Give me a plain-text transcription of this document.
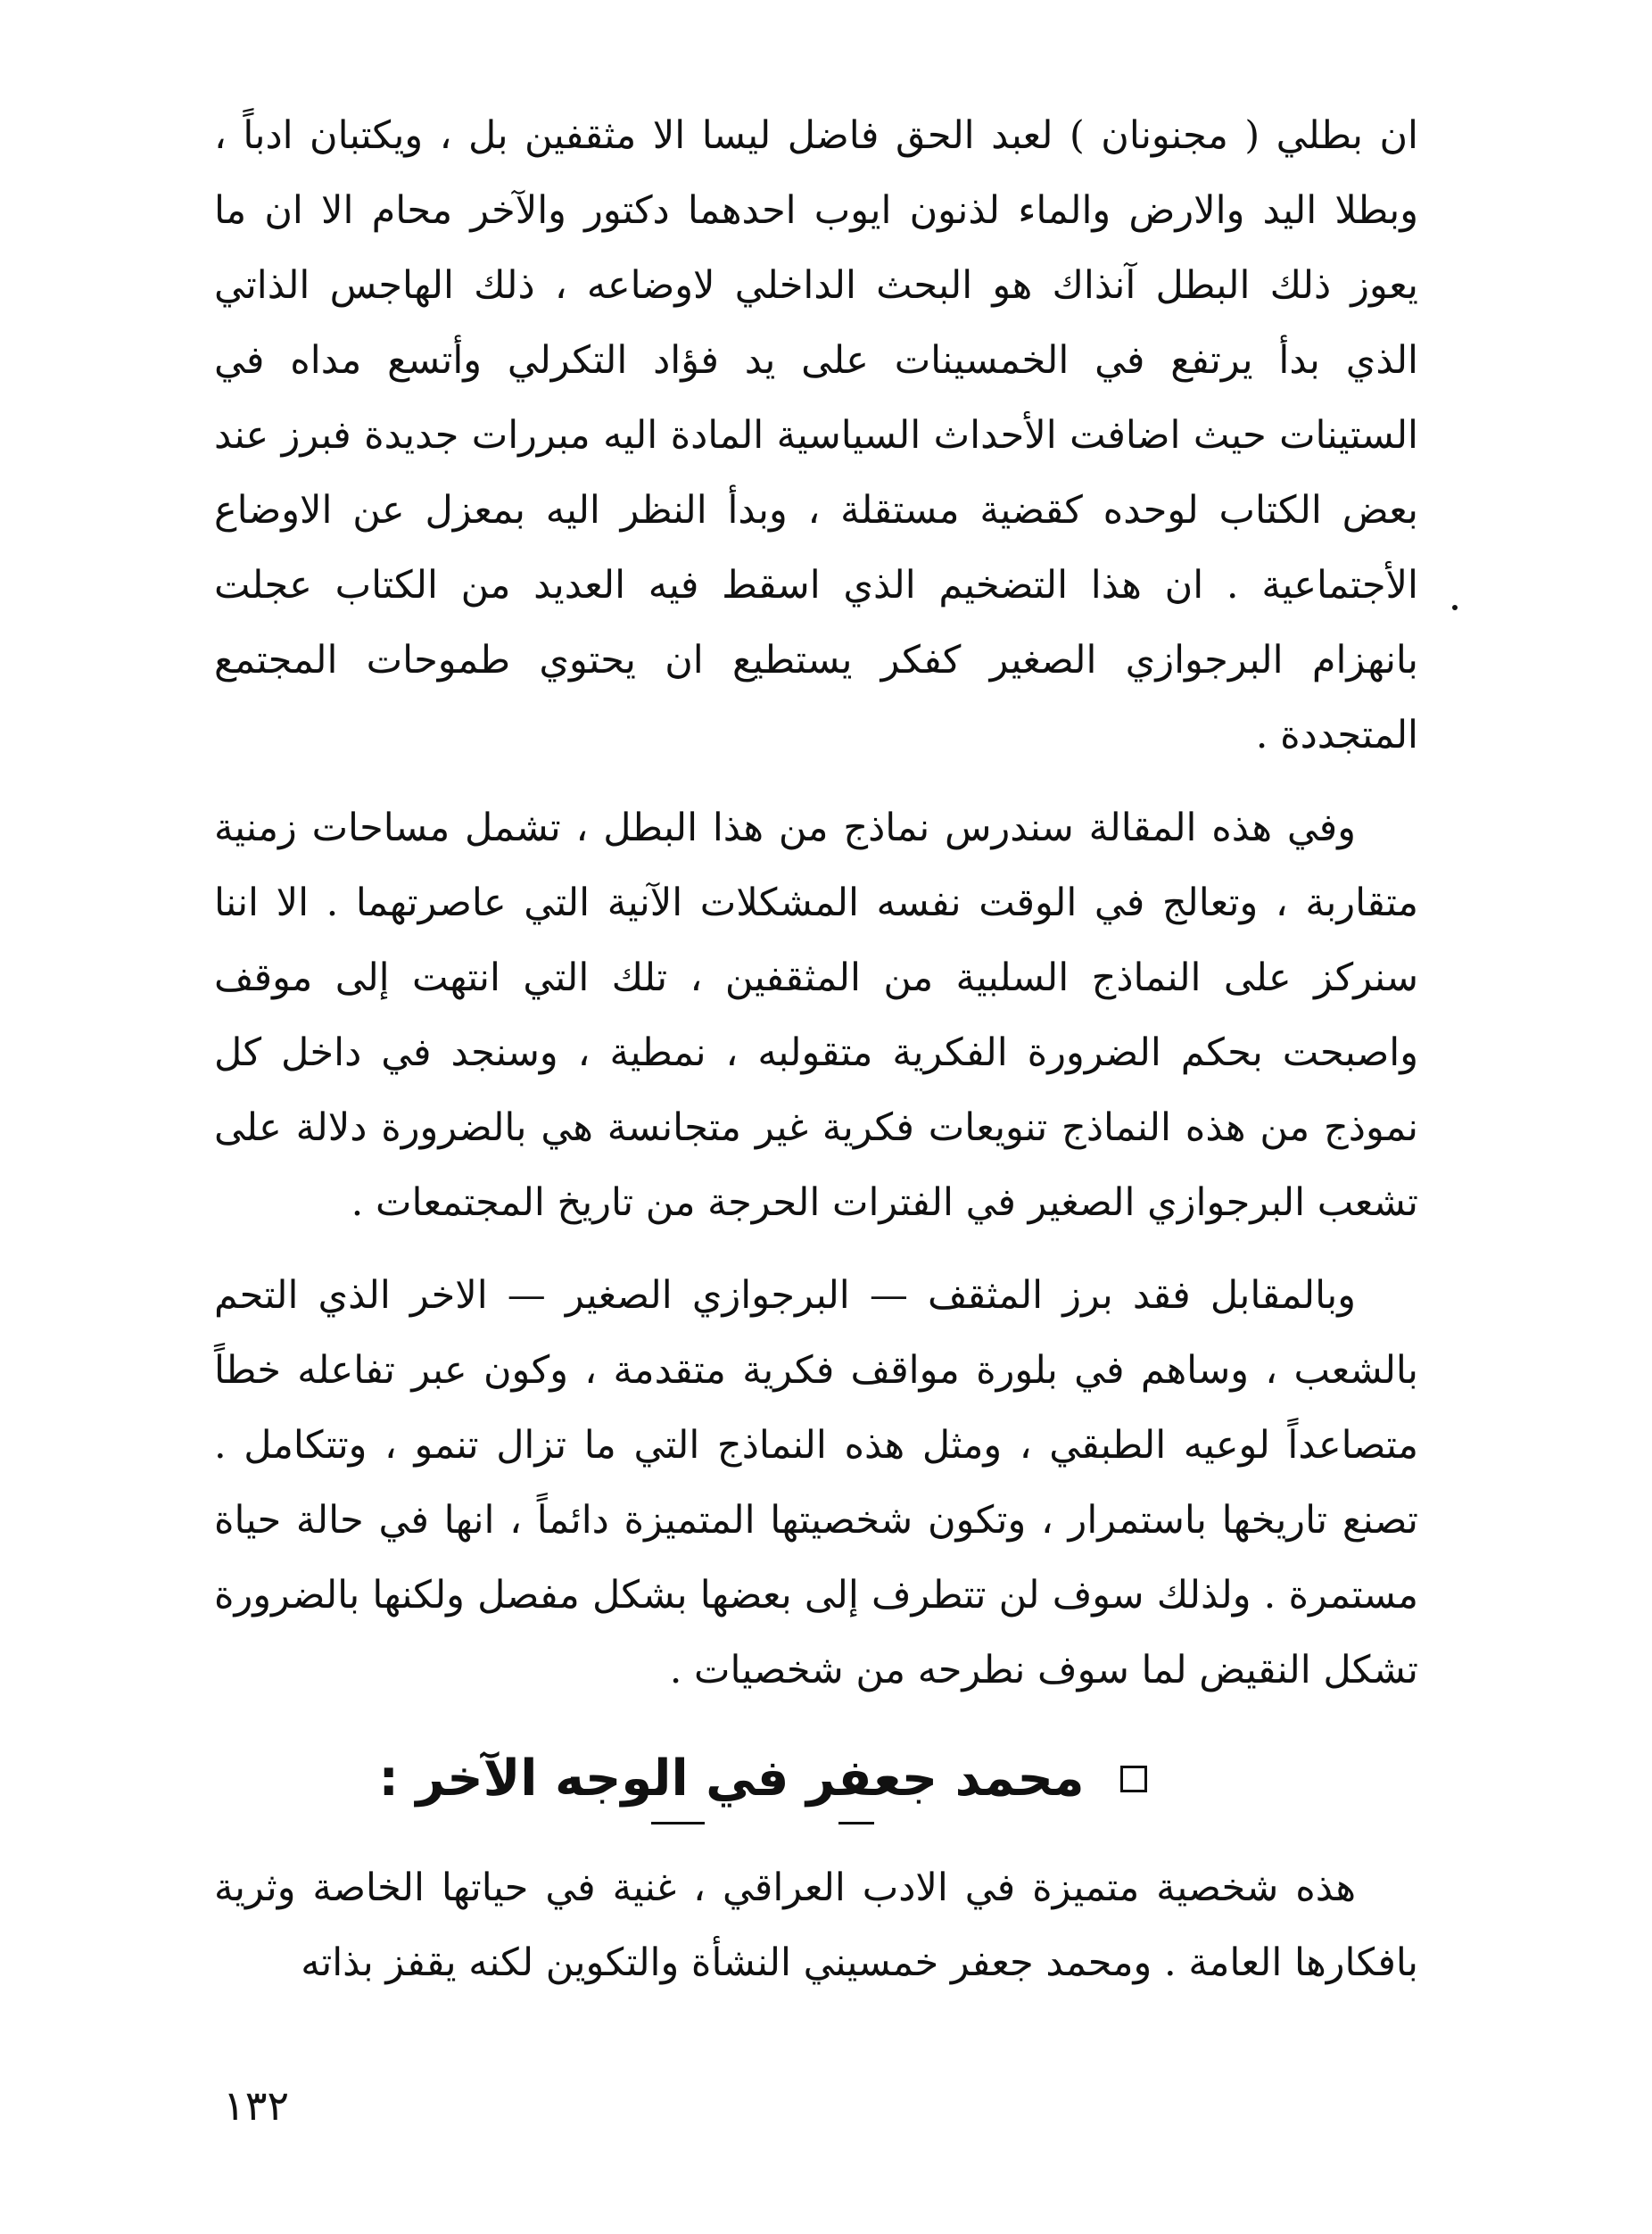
ان بطلي ( مجنونان ) لعبد الحق فاضل ليسا الا مثقفين بل ، ويكتبان ادباً ، وبطلا اليد والارض والماء لذنون ايوب احدهما دكتور والآخر محام الا ان ما يعوز ذلك البطل آنذاك هو البحث الداخلي لاوضاعه ، ذلك الهاجس الذاتي الذي بدأ يرتفع في الخمسينات على يد فؤاد التكرلي وأتسع مداه في الستينات حيث اضافت الأحداث السياسية المادة اليه مبررات جديدة فبرز عند بعض الكتاب لوحده كقضية مستقلة ، وبدأ النظر اليه بمعزل عن الاوضاع الأجتماعية . ان هذا التضخيم الذي اسقط فيه العديد من الكتاب عجلت بانهزام البرجوازي الصغير كفكر يستطيع ان يحتوي طموحات المجتمع المتجددة .

وفي هذه المقالة سندرس نماذج من هذا البطل ، تشمل مساحات زمنية متقاربة ، وتعالج في الوقت نفسه المشكلات الآنية التي عاصرتهما . الا اننا سنركز على النماذج السلبية من المثقفين ، تلك التي انتهت إلى موقف واصبحت بحكم الضرورة الفكرية متقولبه ، نمطية ، وسنجد في داخل كل نموذج من هذه النماذج تنويعات فكرية غير متجانسة هي بالضرورة دلالة على تشعب البرجوازي الصغير في الفترات الحرجة من تاريخ المجتمعات .

وبالمقابل فقد برز المثقف — البرجوازي الصغير — الاخر الذي التحم بالشعب ، وساهم في بلورة مواقف فكرية متقدمة ، وكون عبر تفاعله خطاً متصاعداً لوعيه الطبقي ، ومثل هذه النماذج التي ما تزال تنمو ، وتتكامل . تصنع تاريخها باستمرار ، وتكون شخصيتها المتميزة دائماً ، انها في حالة حياة مستمرة . ولذلك سوف لن تتطرف إلى بعضها بشكل مفصل ولكنها بالضرورة تشكل النقيض لما سوف نطرحه من شخصيات .

محمد جعفر في الوجه الآخر :

هذه شخصية متميزة في الادب العراقي ، غنية في حياتها الخاصة وثرية بافكارها العامة . ومحمد جعفر خمسيني النشأة والتكوين لكنه يقفز بذاته

١٣٢
